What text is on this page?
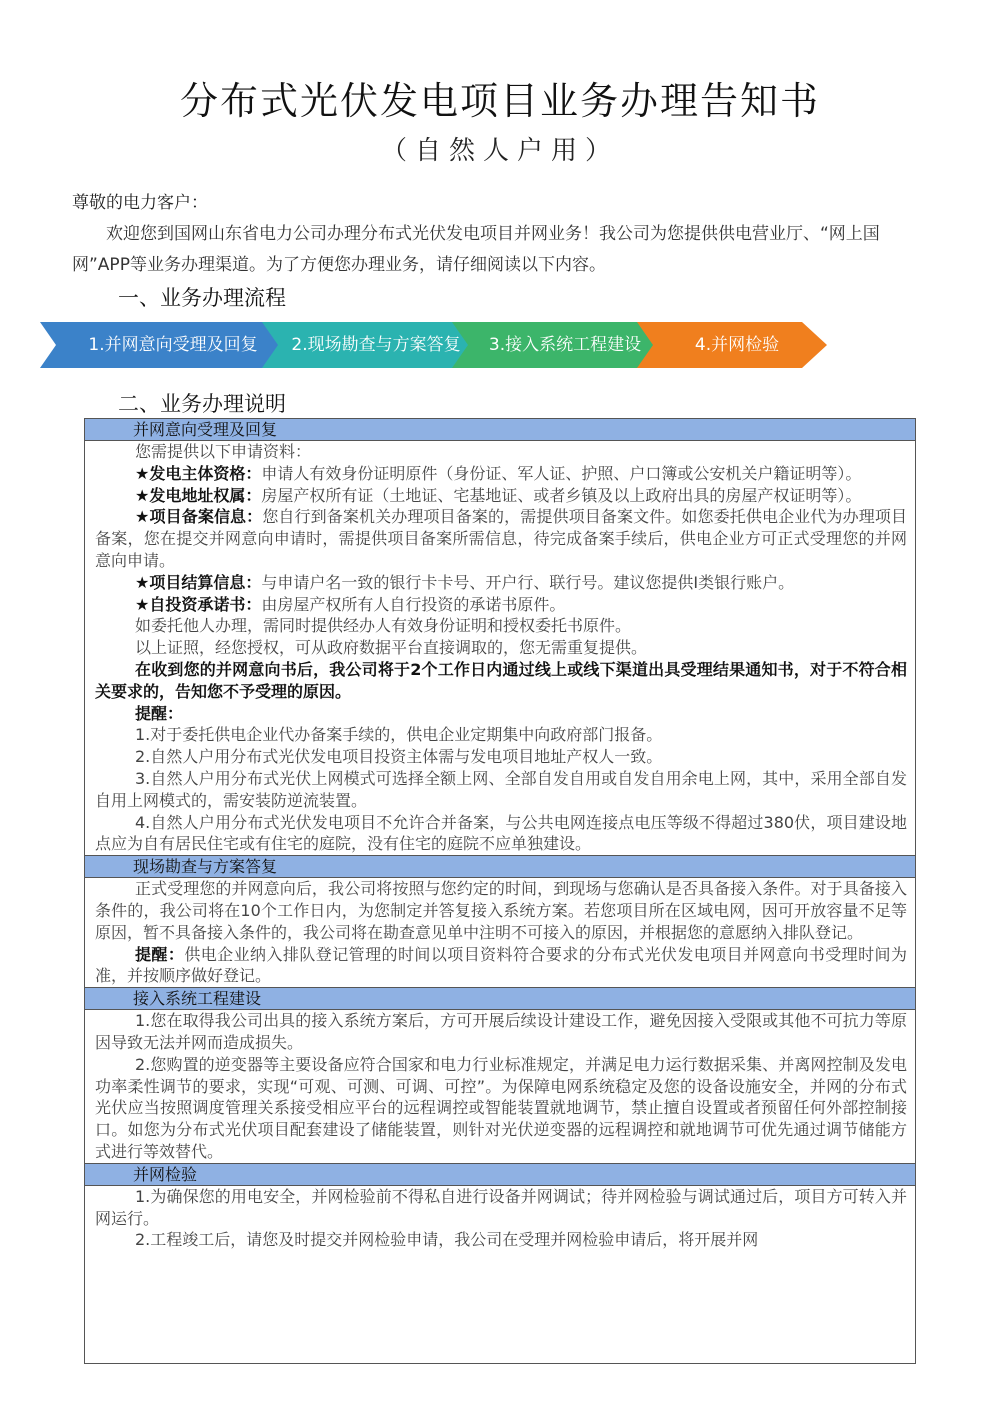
分布式光伏发电项目业务办理告知书
（自然人户用）
尊敬的电力客户：
欢迎您到国网山东省电力公司办理分布式光伏发电项目并网业务！我公司为您提供供电营业厅、“网上国网”APP等业务办理渠道。为了方便您办理业务，请仔细阅读以下内容。
一、业务办理流程
1.并网意向受理及回复	2.现场勘查与方案答复	3.接入系统工程建设	4.并网检验
二、业务办理说明
并网意向受理及回复
您需提供以下申请资料：
★发电主体资格：申请人有效身份证明原件（身份证、军人证、护照、户口簿或公安机关户籍证明等）。
★发电地址权属：房屋产权所有证（土地证、宅基地证、或者乡镇及以上政府出具的房屋产权证明等）。
★项目备案信息：您自行到备案机关办理项目备案的，需提供项目备案文件。如您委托供电企业代为办理项目备案，您在提交并网意向申请时，需提供项目备案所需信息，待完成备案手续后，供电企业方可正式受理您的并网意向申请。
★项目结算信息：与申请户名一致的银行卡卡号、开户行、联行号。建议您提供Ⅰ类银行账户。
★自投资承诺书：由房屋产权所有人自行投资的承诺书原件。
如委托他人办理，需同时提供经办人有效身份证明和授权委托书原件。
以上证照，经您授权，可从政府数据平台直接调取的，您无需重复提供。
在收到您的并网意向书后，我公司将于2个工作日内通过线上或线下渠道出具受理结果通知书，对于不符合相关要求的，告知您不予受理的原因。
提醒：
1.对于委托供电企业代办备案手续的，供电企业定期集中向政府部门报备。
2.自然人户用分布式光伏发电项目投资主体需与发电项目地址产权人一致。
3.自然人户用分布式光伏上网模式可选择全额上网、全部自发自用或自发自用余电上网，其中，采用全部自发自用上网模式的，需安装防逆流装置。
4.自然人户用分布式光伏发电项目不允许合并备案，与公共电网连接点电压等级不得超过380伏，项目建设地点应为自有居民住宅或有住宅的庭院，没有住宅的庭院不应单独建设。
现场勘查与方案答复
正式受理您的并网意向后，我公司将按照与您约定的时间，到现场与您确认是否具备接入条件。对于具备接入条件的，我公司将在10个工作日内，为您制定并答复接入系统方案。若您项目所在区域电网，因可开放容量不足等原因，暂不具备接入条件的，我公司将在勘查意见单中注明不可接入的原因，并根据您的意愿纳入排队登记。
提醒：供电企业纳入排队登记管理的时间以项目资料符合要求的分布式光伏发电项目并网意向书受理时间为准，并按顺序做好登记。
接入系统工程建设
1.您在取得我公司出具的接入系统方案后，方可开展后续设计建设工作，避免因接入受限或其他不可抗力等原因导致无法并网而造成损失。
2.您购置的逆变器等主要设备应符合国家和电力行业标准规定，并满足电力运行数据采集、并离网控制及发电功率柔性调节的要求，实现“可观、可测、可调、可控”。为保障电网系统稳定及您的设备设施安全，并网的分布式光伏应当按照调度管理关系接受相应平台的远程调控或智能装置就地调节，禁止擅自设置或者预留任何外部控制接口。如您为分布式光伏项目配套建设了储能装置，则针对光伏逆变器的远程调控和就地调节可优先通过调节储能方式进行等效替代。
并网检验
1.为确保您的用电安全，并网检验前不得私自进行设备并网调试；待并网检验与调试通过后，项目方可转入并网运行。
2.工程竣工后，请您及时提交并网检验申请，我公司在受理并网检验申请后，将开展并网
